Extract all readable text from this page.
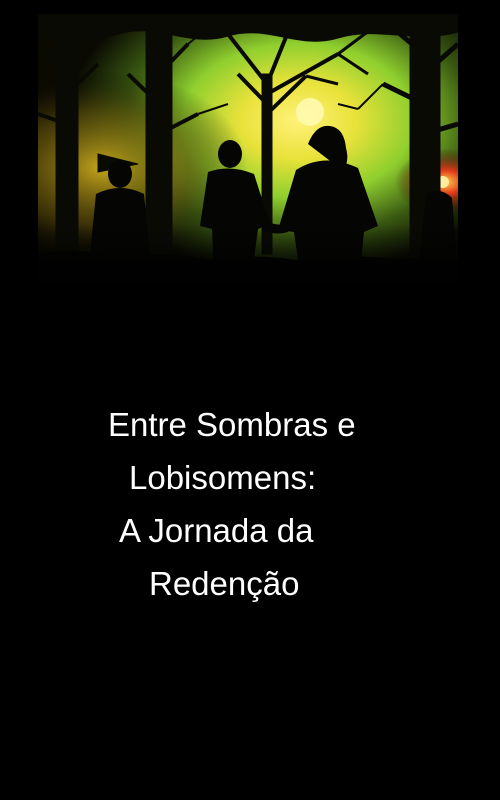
Entre Sombras e
Lobisomens:
A Jornada da
Redenção
